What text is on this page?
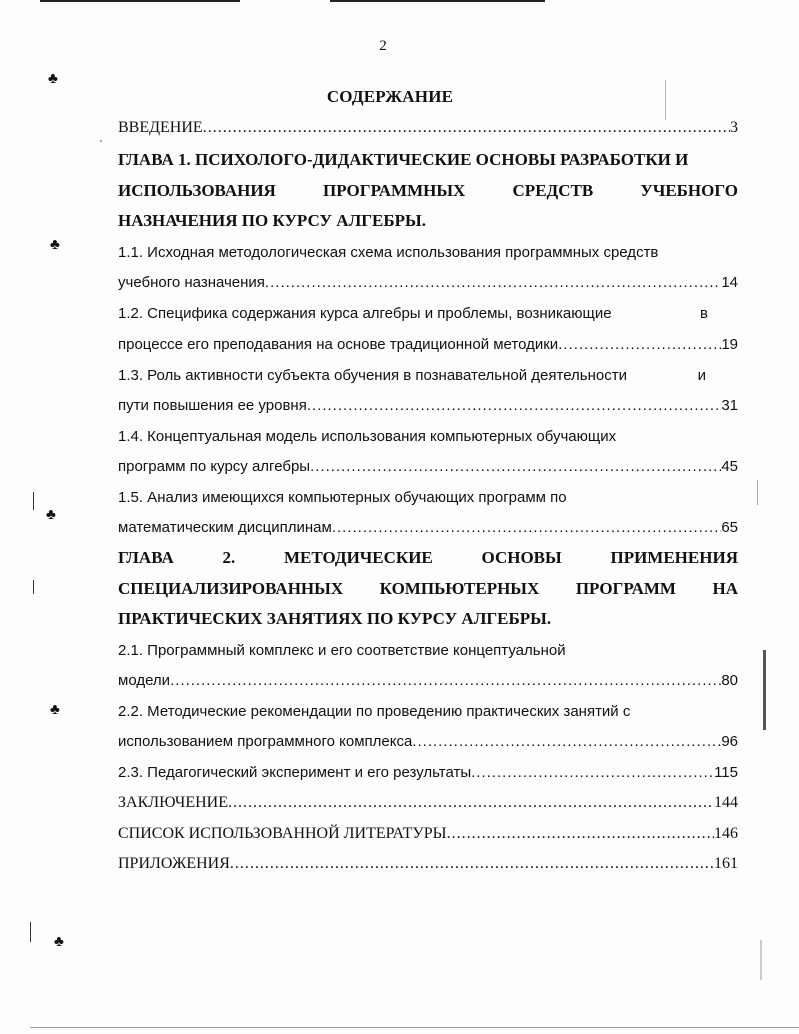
2
СОДЕРЖАНИЕ
ВВЕДЕНИЕ .....	3
ГЛАВА 1. ПСИХОЛОГО-ДИДАКТИЧЕСКИЕ ОСНОВЫ РАЗРАБОТКИ И
ИСПОЛЬЗОВАНИЯ	ПРОГРАММНЫХ	СРЕДСТВ	УЧЕБНОГО
НАЗНАЧЕНИЯ ПО КУРСУ АЛГЕБРЫ.
1.1. Исходная методологическая схема использования программных средств
учебного назначения .....	14
1.2. Специфика содержания курса алгебры и проблемы, возникающие	в
процессе его преподавания на основе традиционной методики .....	19
1.3. Роль активности субъекта обучения в познавательной деятельности	и
пути повышения ее уровня .....	31
1.4. Концептуальная модель использования компьютерных обучающих
программ по курсу алгебры .....	45
1.5. Анализ имеющихся компьютерных обучающих программ по
математическим дисциплинам .....	65
ГЛАВА	2.	МЕТОДИЧЕСКИЕ	ОСНОВЫ	ПРИМЕНЕНИЯ
СПЕЦИАЛИЗИРОВАННЫХ КОМПЬЮТЕРНЫХ ПРОГРАММ НА
ПРАКТИЧЕСКИХ ЗАНЯТИЯХ ПО КУРСУ АЛГЕБРЫ.
2.1. Программный комплекс и его соответствие концептуальной
модели .....	80
2.2. Методические рекомендации по проведению практических занятий с
использованием программного комплекса .....	96
2.3. Педагогический эксперимент и его результаты .....	115
ЗАКЛЮЧЕНИЕ .....	144
СПИСОК ИСПОЛЬЗОВАННОЙ ЛИТЕРАТУРЫ .....	146
ПРИЛОЖЕНИЯ .....	161
♣
♣
♣
♣
♣
